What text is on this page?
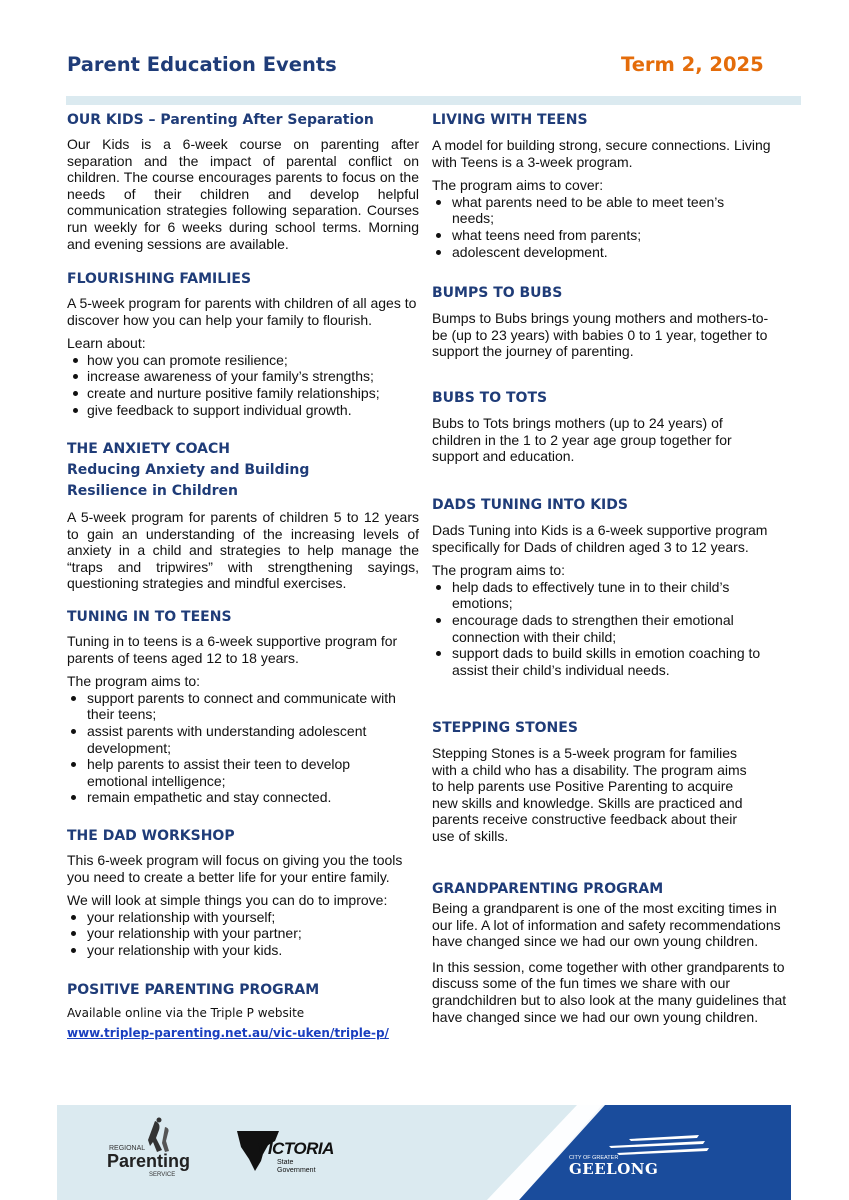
Parent Education Events	Term 2, 2025
OUR KIDS – Parenting After Separation
Our Kids is a 6-week course on parenting after separation and the impact of parental conflict on children. The course encourages parents to focus on the needs of their children and develop helpful communication strategies following separation. Courses run weekly for 6 weeks during school terms. Morning and evening sessions are available.
FLOURISHING FAMILIES
A 5-week program for parents with children of all ages to discover how you can help your family to flourish.
Learn about:
how you can promote resilience;
increase awareness of your family’s strengths;
create and nurture positive family relationships;
give feedback to support individual growth.
THE ANXIETY COACH
Reducing Anxiety and Building Resilience in Children
A 5-week program for parents of children 5 to 12 years to gain an understanding of the increasing levels of anxiety in a child and strategies to help manage the “traps and tripwires” with strengthening sayings, questioning strategies and mindful exercises.
TUNING IN TO TEENS
Tuning in to teens is a 6-week supportive program for parents of teens aged 12 to 18 years.
The program aims to:
support parents to connect and communicate with their teens;
assist parents with understanding adolescent development;
help parents to assist their teen to develop emotional intelligence;
remain empathetic and stay connected.
THE DAD WORKSHOP
This 6-week program will focus on giving you the tools you need to create a better life for your entire family.
We will look at simple things you can do to improve:
your relationship with yourself;
your relationship with your partner;
your relationship with your kids.
POSITIVE PARENTING PROGRAM
Available online via the Triple P website
www.triplep-parenting.net.au/vic-uken/triple-p/
LIVING WITH TEENS
A model for building strong, secure connections. Living with Teens is a 3-week program.
The program aims to cover:
what parents need to be able to meet teen’s needs;
what teens need from parents;
adolescent development.
BUMPS TO BUBS
Bumps to Bubs brings young mothers and mothers-to-be (up to 23 years) with babies 0 to 1 year, together to support the journey of parenting.
BUBS TO TOTS
Bubs to Tots brings mothers (up to 24 years) of children in the 1 to 2 year age group together for support and education.
DADS TUNING INTO KIDS
Dads Tuning into Kids is a 6-week supportive program specifically for Dads of children aged 3 to 12 years.
The program aims to:
help dads to effectively tune in to their child’s emotions;
encourage dads to strengthen their emotional connection with their child;
support dads to build skills in emotion coaching to assist their child’s individual needs.
STEPPING STONES
Stepping Stones is a 5-week program for families with a child who has a disability. The program aims to help parents use Positive Parenting to acquire new skills and knowledge. Skills are practiced and parents receive constructive feedback about their use of skills.
GRANDPARENTING PROGRAM
Being a grandparent is one of the most exciting times in our life. A lot of information and safety recommendations have changed since we had our own young children.
In this session, come together with other grandparents to discuss some of the fun times we share with our grandchildren but to also look at the many guidelines that have changed since we had our own young children.
REGIONAL
Parenting
SERVICE
VICTORIA
State
Government
CITY OF GREATER
GEELONG
